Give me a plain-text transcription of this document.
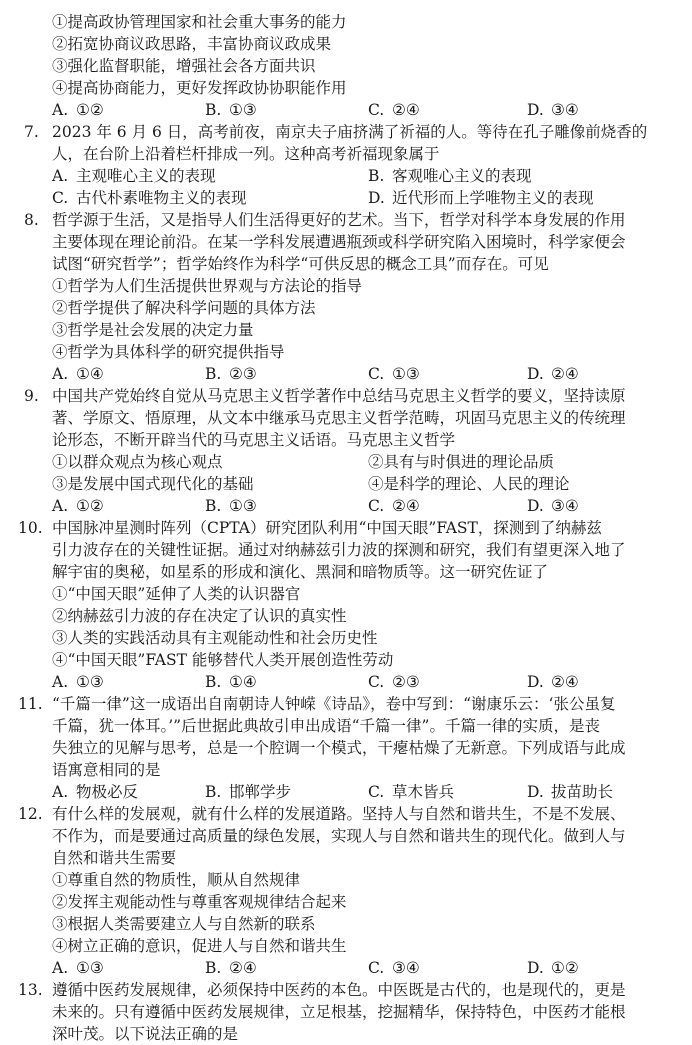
①提高政协管理国家和社会重大事务的能力
②拓宽协商议政思路，丰富协商议政成果
③强化监督职能，增强社会各方面共识
④提高协商能力，更好发挥政协协职能作用
A. ①②	B. ①③	C. ②④	D. ③④
7. 2023 年 6 月 6 日，高考前夜，南京夫子庙挤满了祈福的人。等待在孔子雕像前烧香的
人，在台阶上沿着栏杆排成一列。这种高考祈福现象属于
A. 主观唯心主义的表现	B. 客观唯心主义的表现
C. 古代朴素唯物主义的表现	D. 近代形而上学唯物主义的表现
8. 哲学源于生活，又是指导人们生活得更好的艺术。当下，哲学对科学本身发展的作用
主要体现在理论前沿。在某一学科发展遭遇瓶颈或科学研究陷入困境时，科学家便会
试图“研究哲学”；哲学始终作为科学“可供反思的概念工具”而存在。可见
①哲学为人们生活提供世界观与方法论的指导
②哲学提供了解决科学问题的具体方法
③哲学是社会发展的决定力量
④哲学为具体科学的研究提供指导
A. ①④	B. ②③	C. ①③	D. ②④
9. 中国共产党始终自觉从马克思主义哲学著作中总结马克思主义哲学的要义，坚持读原
著、学原文、悟原理，从文本中继承马克思主义哲学范畴，巩固马克思主义的传统理
论形态，不断开辟当代的马克思主义话语。马克思主义哲学
①以群众观点为核心观点	②具有与时俱进的理论品质
③是发展中国式现代化的基础	④是科学的理论、人民的理论
A. ①②	B. ①③	C. ②④	D. ③④
10. 中国脉冲星测时阵列（CPTA）研究团队利用“中国天眼”FAST，探测到了纳赫兹
引力波存在的关键性证据。通过对纳赫兹引力波的探测和研究，我们有望更深入地了
解宇宙的奥秘，如星系的形成和演化、黑洞和暗物质等。这一研究佐证了
①“中国天眼”延伸了人类的认识器官
②纳赫兹引力波的存在决定了认识的真实性
③人类的实践活动具有主观能动性和社会历史性
④“中国天眼”FAST 能够替代人类开展创造性劳动
A. ①③	B. ①④	C. ②③	D. ②④
11. “千篇一律”这一成语出自南朝诗人钟嵘《诗品》，卷中写到：“谢康乐云：‘张公虽复
千篇，犹一体耳。’”后世据此典故引申出成语“千篇一律”。千篇一律的实质，是丧
失独立的见解与思考，总是一个腔调一个模式，干瘪枯燥了无新意。下列成语与此成
语寓意相同的是
A. 物极必反	B. 邯郸学步	C. 草木皆兵	D. 拔苗助长
12. 有什么样的发展观，就有什么样的发展道路。坚持人与自然和谐共生，不是不发展、
不作为，而是要通过高质量的绿色发展，实现人与自然和谐共生的现代化。做到人与
自然和谐共生需要
①尊重自然的物质性，顺从自然规律
②发挥主观能动性与尊重客观规律结合起来
③根据人类需要建立人与自然新的联系
④树立正确的意识，促进人与自然和谐共生
A. ①③	B. ②④	C. ③④	D. ①②
13. 遵循中医药发展规律，必须保持中医药的本色。中医既是古代的，也是现代的，更是
未来的。只有遵循中医药发展规律，立足根基，挖掘精华，保持特色，中医药才能根
深叶茂。以下说法正确的是
